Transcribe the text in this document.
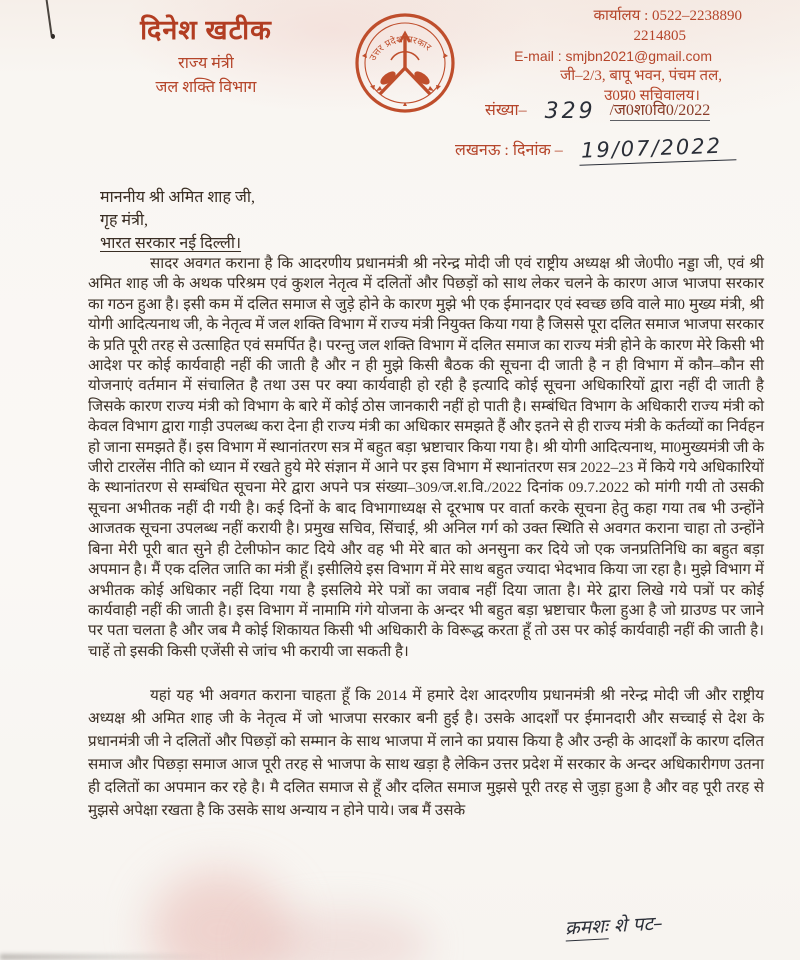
दिनेश खटीक
राज्य मंत्री
जल शक्ति विभाग
उत्तर प्रदेश सरकार
कार्यालय : 0522–2238890
2214805
E-mail : smjbn2021@gmail.com
जी–2/3, बापू भवन, पंचम तल,
उ0प्र0 सचिवालय।
संख्या– 329 /ज0श0वि0/2022
लखनऊ : दिनांक – 19/07/2022
माननीय श्री अमित शाह जी,
गृह मंत्री,
भारत सरकार नई दिल्ली।

सादर अवगत कराना है कि आदरणीय प्रधानमंत्री श्री नरेन्द्र मोदी जी एवं राष्ट्रीय अध्यक्ष श्री जे0पी0 नड्डा जी, एवं श्री अमित शाह जी के अथक परिश्रम एवं कुशल नेतृत्व में दलितों और पिछड़ों को साथ लेकर चलने के कारण आज भाजपा सरकार का गठन हुआ है। इसी कम में दलित समाज से जुड़े होने के कारण मुझे भी एक ईमानदार एवं स्वच्छ छवि वाले मा0 मुख्य मंत्री, श्री योगी आदित्यनाथ जी, के नेतृत्व में जल शक्ति विभाग में राज्य मंत्री नियुक्त किया गया है जिससे पूरा दलित समाज भाजपा सरकार के प्रति पूरी तरह से उत्साहित एवं समर्पित है। परन्तु जल शक्ति विभाग में दलित समाज का राज्य मंत्री होने के कारण मेरे किसी भी आदेश पर कोई कार्यवाही नहीं की जाती है और न ही मुझे किसी बैठक की सूचना दी जाती है न ही विभाग में कौन–कौन सी योजनाएं वर्तमान में संचालित है तथा उस पर क्या कार्यवाही हो रही है इत्यादि कोई सूचना अधिकारियों द्वारा नहीं दी जाती है जिसके कारण राज्य मंत्री को विभाग के बारे में कोई ठोस जानकारी नहीं हो पाती है। सम्बंधित विभाग के अधिकारी राज्य मंत्री को केवल विभाग द्वारा गाड़ी उपलब्ध करा देना ही राज्य मंत्री का अधिकार समझते हैं और इतने से ही राज्य मंत्री के कर्तव्यों का निर्वहन हो जाना समझते हैं। इस विभाग में स्थानांतरण सत्र में बहुत बड़ा भ्रष्टाचार किया गया है। श्री योगी आदित्यनाथ, मा0मुख्यमंत्री जी के जीरो टारलेंस नीति को ध्यान में रखते हुये मेरे संज्ञान में आने पर इस विभाग में स्थानांतरण सत्र 2022–23 में किये गये अधिकारियों के स्थानांतरण से सम्बंधित सूचना मेरे द्वारा अपने पत्र संख्या–309/ज.श.वि./2022 दिनांक 09.7.2022 को मांगी गयी तो उसकी सूचना अभीतक नहीं दी गयी है। कई दिनों के बाद विभागाध्यक्ष से दूरभाष पर वार्ता करके सूचना हेतु कहा गया तब भी उन्होंने आजतक सूचना उपलब्ध नहीं करायी है। प्रमुख सचिव, सिंचाई, श्री अनिल गर्ग को उक्त स्थिति से अवगत कराना चाहा तो उन्होंने बिना मेरी पूरी बात सुने ही टेलीफोन काट दिये और वह भी मेरे बात को अनसुना कर दिये जो एक जनप्रतिनिधि का बहुत बड़ा अपमान है। मैं एक दलित जाति का मंत्री हूँ। इसीलिये इस विभाग में मेरे साथ बहुत ज्यादा भेदभाव किया जा रहा है। मुझे विभाग में अभीतक कोई अधिकार नहीं दिया गया है इसलिये मेरे पत्रों का जवाब नहीं दिया जाता है। मेरे द्वारा लिखे गये पत्रों पर कोई कार्यवाही नहीं की जाती है। इस विभाग में नामामि गंगे योजना के अन्दर भी बहुत बड़ा भ्रष्टाचार फैला हुआ है जो ग्राउण्ड पर जाने पर पता चलता है और जब मै कोई शिकायत किसी भी अधिकारी के विरूद्ध करता हूँ तो उस पर कोई कार्यवाही नहीं की जाती है। चाहें तो इसकी किसी एजेंसी से जांच भी करायी जा सकती है।

यहां यह भी अवगत कराना चाहता हूँ कि 2014 में हमारे देश आदरणीय प्रधानमंत्री श्री नरेन्द्र मोदी जी और राष्ट्रीय अध्यक्ष श्री अमित शाह जी के नेतृत्व में जो भाजपा सरकार बनी हुई है। उसके आदर्शों पर ईमानदारी और सच्चाई से देश के प्रधानमंत्री जी ने दलितों और पिछड़ों को सम्मान के साथ भाजपा में लाने का प्रयास किया है और उन्ही के आदर्शों के कारण दलित समाज और पिछड़ा समाज आज पूरी तरह से भाजपा के साथ खड़ा है लेकिन उत्तर प्रदेश में सरकार के अन्दर अधिकारीगण उतना ही दलितों का अपमान कर रहे है। मै दलित समाज से हूँ और दलित समाज मुझसे पूरी तरह से जुड़ा हुआ है और वह पूरी तरह से मुझसे अपेक्षा रखता है कि उसके साथ अन्याय न होने पाये। जब मैं उसके

क्रमशः शे पट–
